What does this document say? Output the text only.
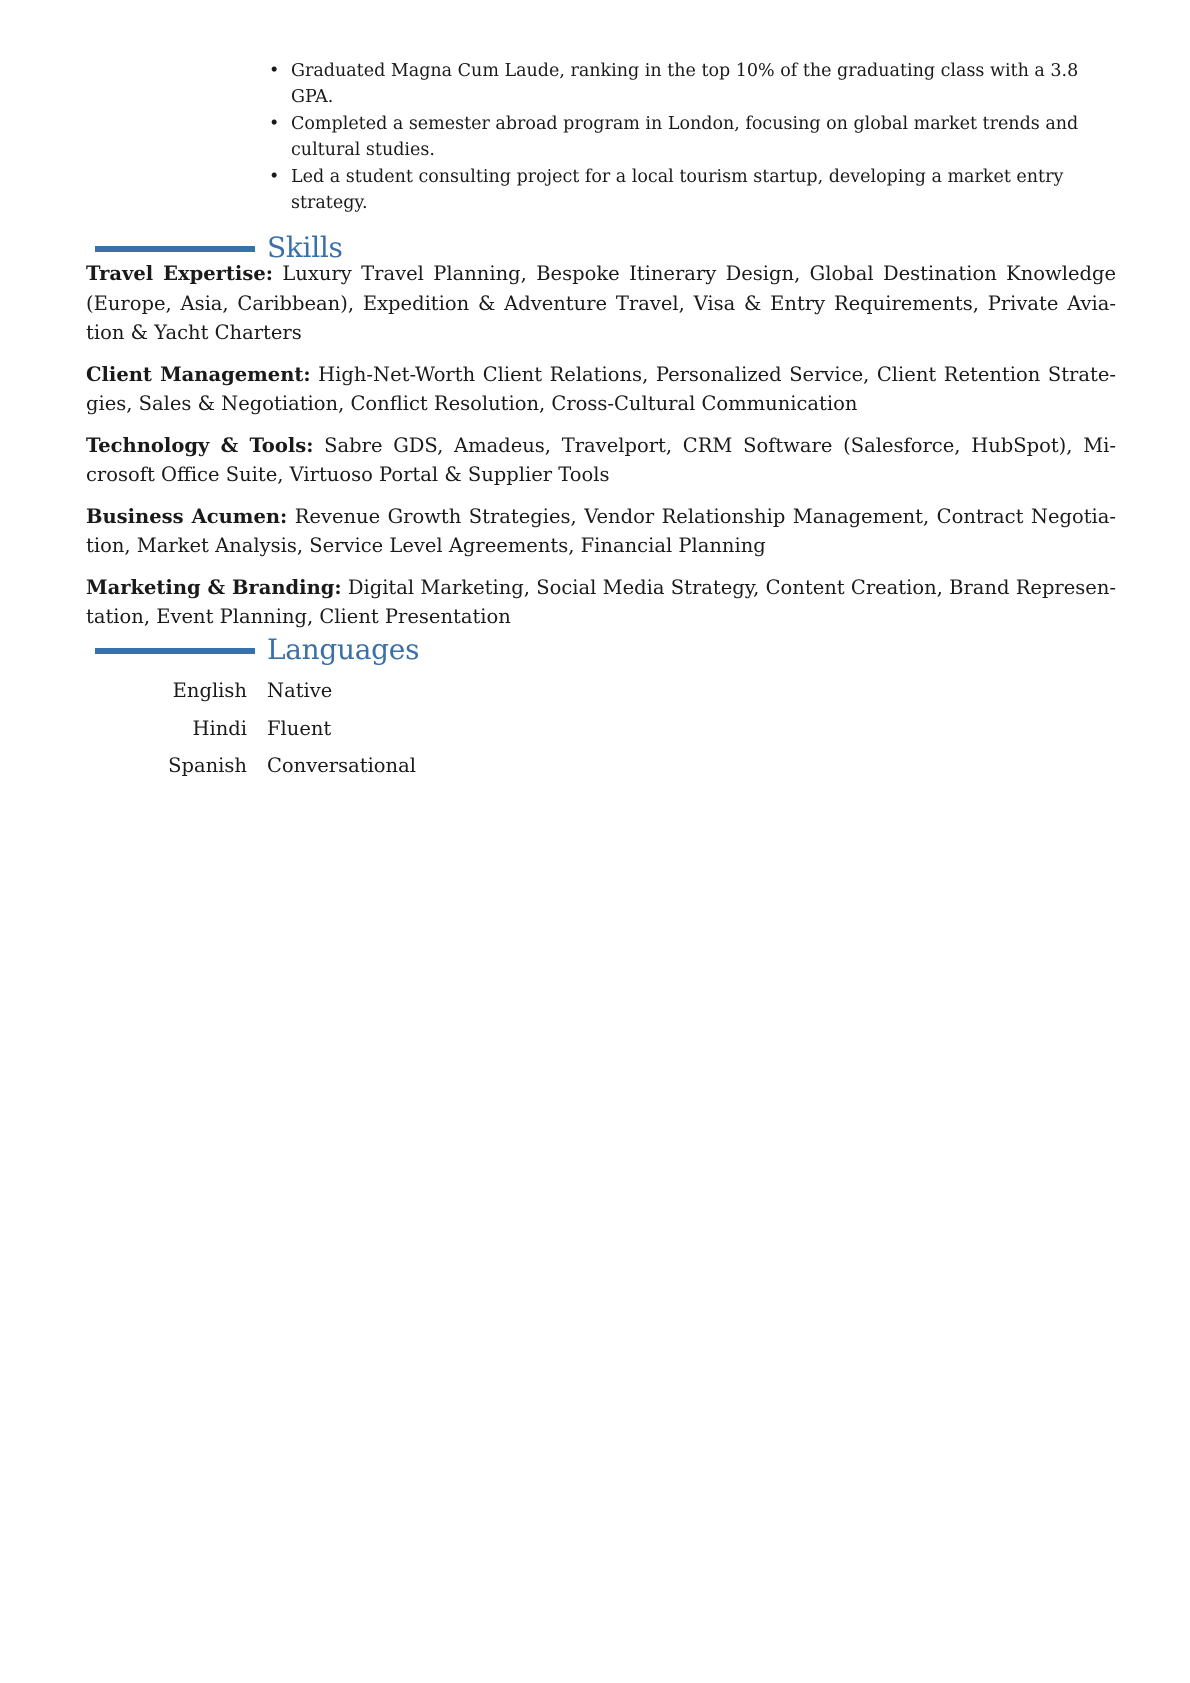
• Graduated Magna Cum Laude, ranking in the top 10% of the graduating class with a 3.8 GPA.
• Completed a semester abroad program in London, focusing on global market trends and cultural studies.
• Led a student consulting project for a local tourism startup, developing a market entry strategy.
Skills

Travel Expertise: Luxury Travel Planning, Bespoke Itinerary Design, Global Destination Knowledge (Europe, Asia, Caribbean), Expedition & Adventure Travel, Visa & Entry Requirements, Private Aviation & Yacht Charters

Client Management: High-Net-Worth Client Relations, Personalized Service, Client Retention Strategies, Sales & Negotiation, Conflict Resolution, Cross-Cultural Communication

Technology & Tools: Sabre GDS, Amadeus, Travelport, CRM Software (Salesforce, HubSpot), Microsoft Office Suite, Virtuoso Portal & Supplier Tools

Business Acumen: Revenue Growth Strategies, Vendor Relationship Management, Contract Negotiation, Market Analysis, Service Level Agreements, Financial Planning

Marketing & Branding: Digital Marketing, Social Media Strategy, Content Creation, Brand Representation, Event Planning, Client Presentation

Languages
English	Native
Hindi	Fluent
Spanish	Conversational
